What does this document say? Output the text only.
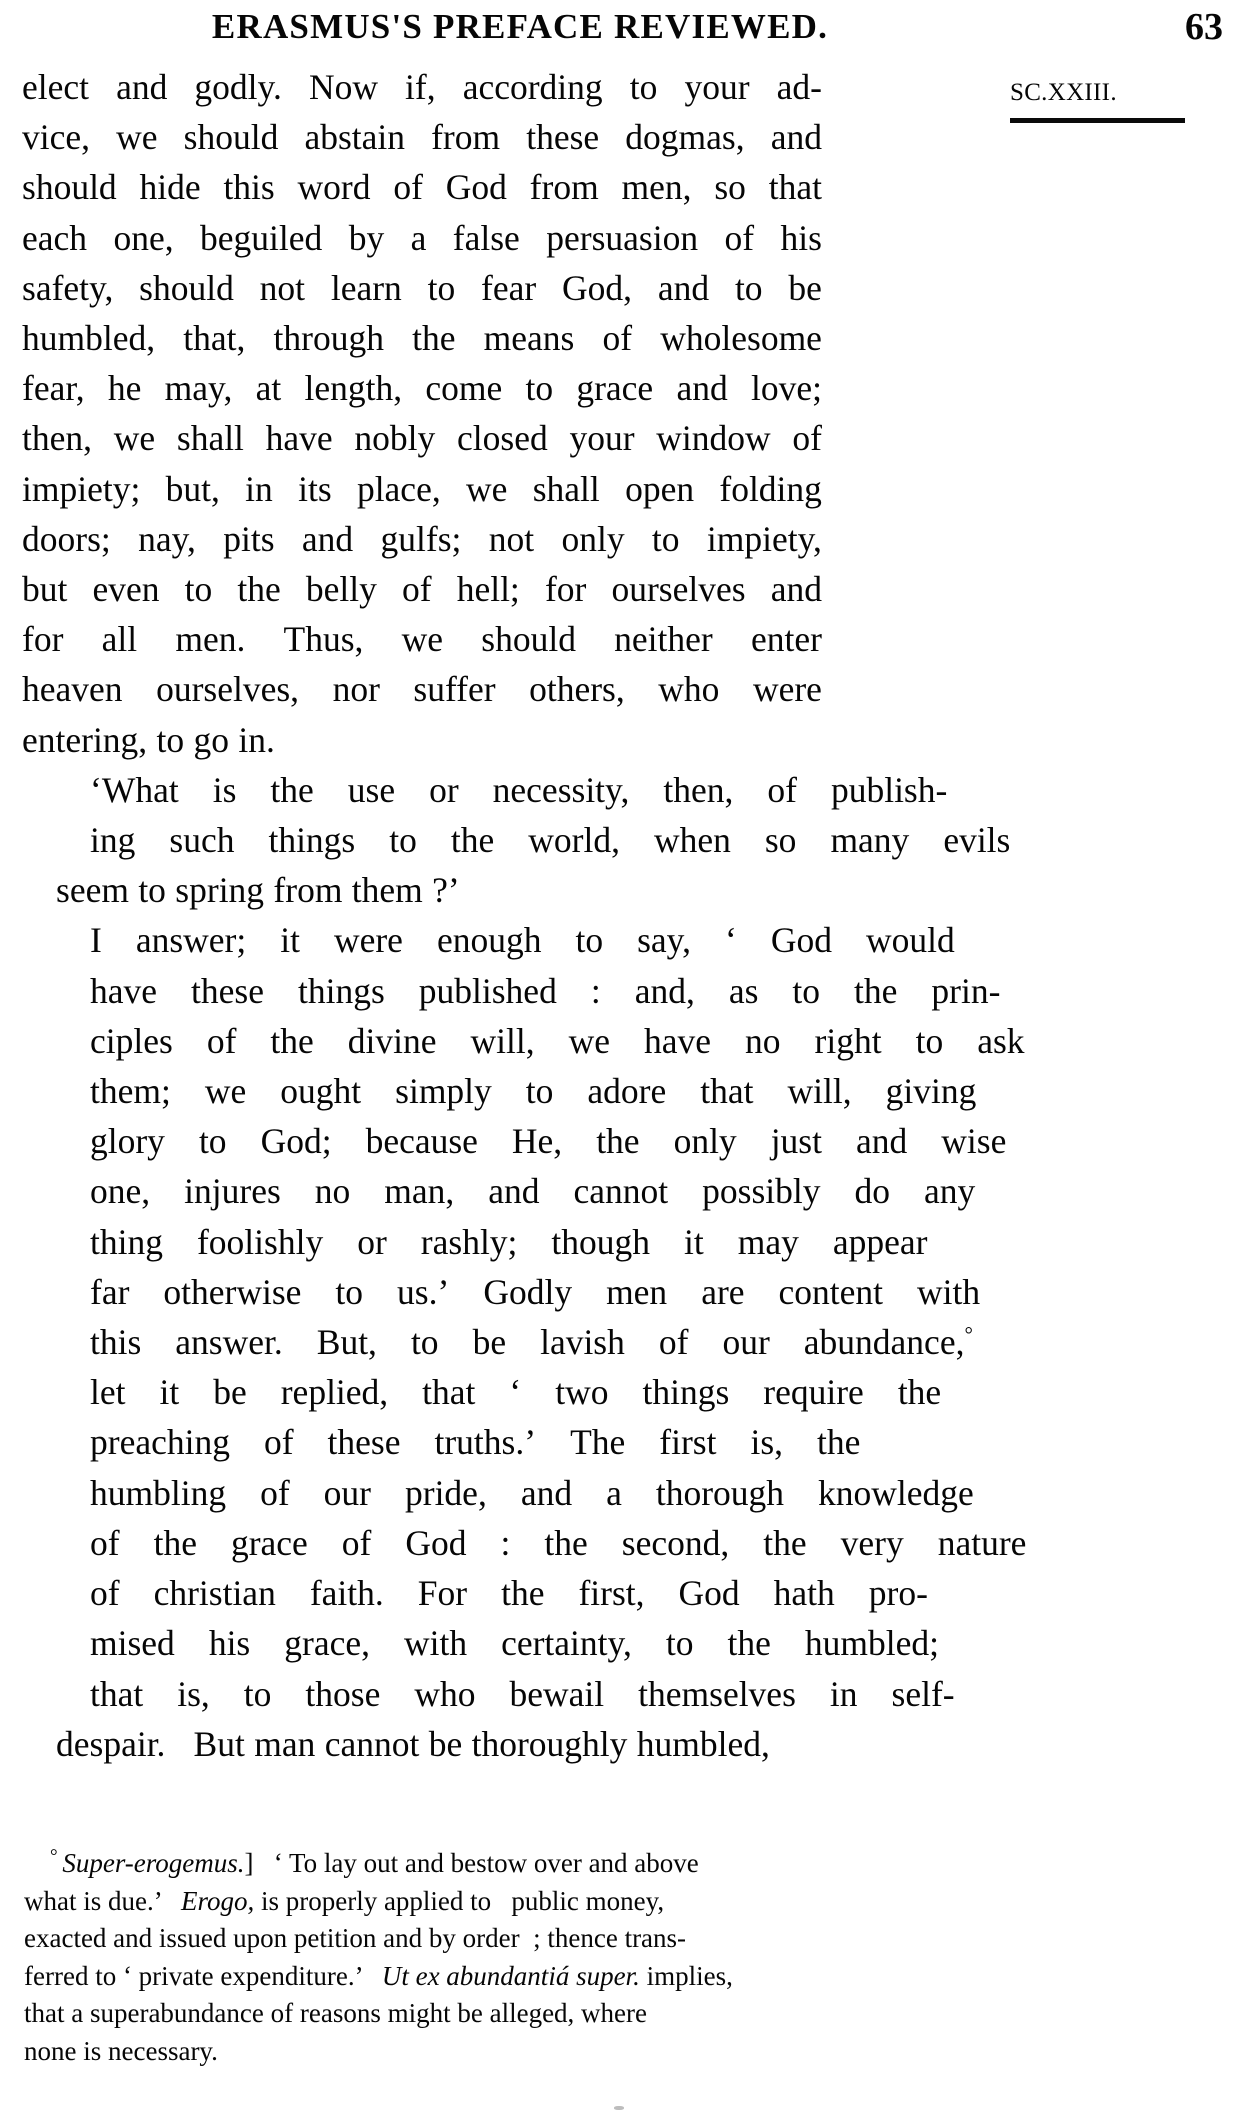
ERASMUS'S PREFACE REVIEWED.	63
SC.XXIII.

elect and godly. Now if, according to your ad-
vice, we should abstain from these dogmas, and
should hide this word of God from men, so that
each one, beguiled by a false persuasion of his
safety, should not learn to fear God, and to be
humbled, that, through the means of wholesome
fear, he may, at length, come to grace and love;
then, we shall have nobly closed your window of
impiety; but, in its place, we shall open folding
doors; nay, pits and gulfs; not only to impiety,
but even to the belly of hell; for ourselves and
for all men. Thus, we should neither enter
heaven ourselves, nor suffer others, who were
entering, to go in.

‘What is the use or necessity, then, of publish-
ing such things to the world, when so many evils
seem to spring from them ?’

I answer; it were enough to say, ‘ God would
have these things published : and, as to the prin-
ciples of the divine will, we have no right to ask
them; we ought simply to adore that will, giving
glory to God; because He, the only just and wise
one, injures no man, and cannot possibly do any
thing foolishly or rashly; though it may appear
far otherwise to us.’ Godly men are content with
this answer. But, to be lavish of our abundance,°
let it be replied, that ‘ two things require the
preaching of these truths.’ The first is, the
humbling of our pride, and a thorough knowledge
of the grace of God : the second, the very nature
of christian faith. For the first, God hath pro-
mised his grace, with certainty, to the humbled;
that is, to those who bewail themselves in self-
despair.   But man cannot be thoroughly humbled,

° Super-erogemus.]   ‘ To lay out and bestow over and above
what is due.’   Erogo, is properly applied to   public money,
exacted and issued upon petition and by order  ; thence trans-
ferred to ‘ private expenditure.’   Ut ex abundantiá super. implies,
that a superabundance of reasons might be alleged, where
none is necessary.
